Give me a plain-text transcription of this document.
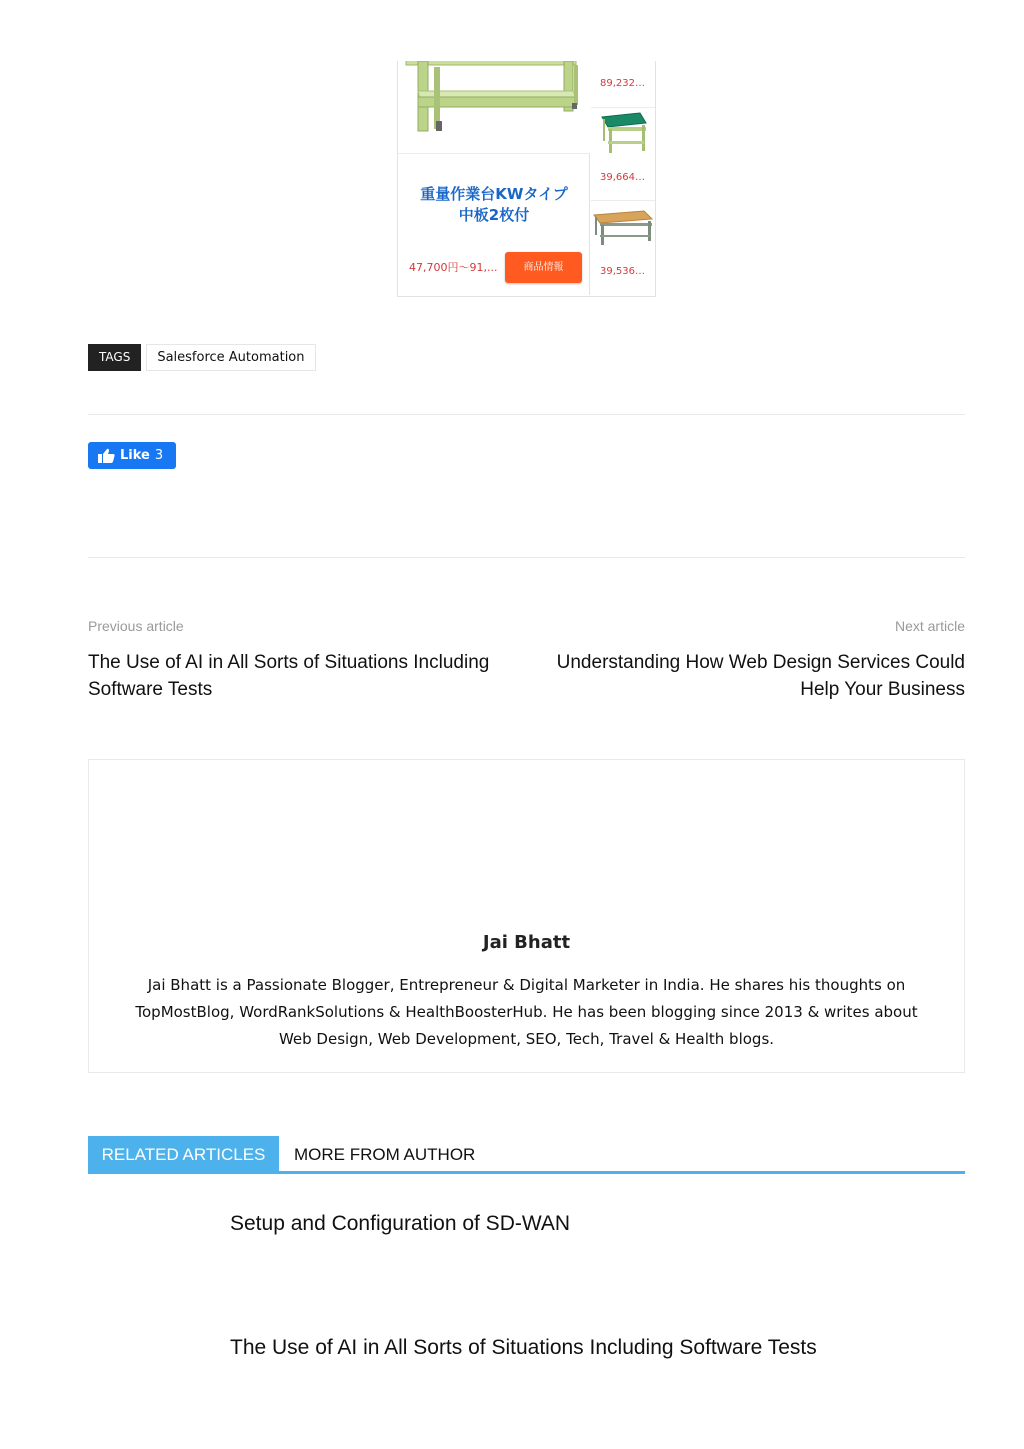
重量作業台KWタイプ
中板2枚付
47,700円〜91,...	商品情報
89,232…
39,664…
39,536…
TAGS	Salesforce Automation
Like 3
Previous article
The Use of AI in All Sorts of Situations Including Software Tests
Next article
Understanding How Web Design Services Could Help Your Business
Jai Bhatt
Jai Bhatt is a Passionate Blogger, Entrepreneur & Digital Marketer in India. He shares his thoughts on TopMostBlog, WordRankSolutions & HealthBoosterHub. He has been blogging since 2013 & writes about Web Design, Web Development, SEO, Tech, Travel & Health blogs.
RELATED ARTICLES	MORE FROM AUTHOR
Setup and Configuration of SD-WAN
The Use of AI in All Sorts of Situations Including Software Tests
